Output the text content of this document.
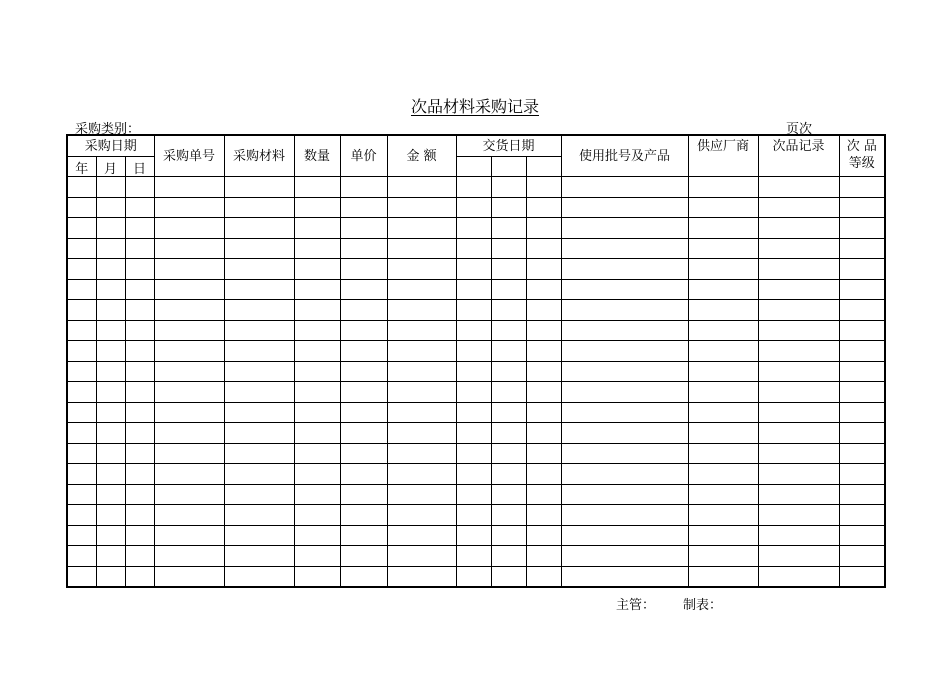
次品材料采购记录
采购类别：	页次
采购日期			采购单号	采购材料	数量	单价	金 额	交货日期			使用批号及产品	供应厂商	次品记录	次 品
等级

年	月	日												

主管： 制表：
